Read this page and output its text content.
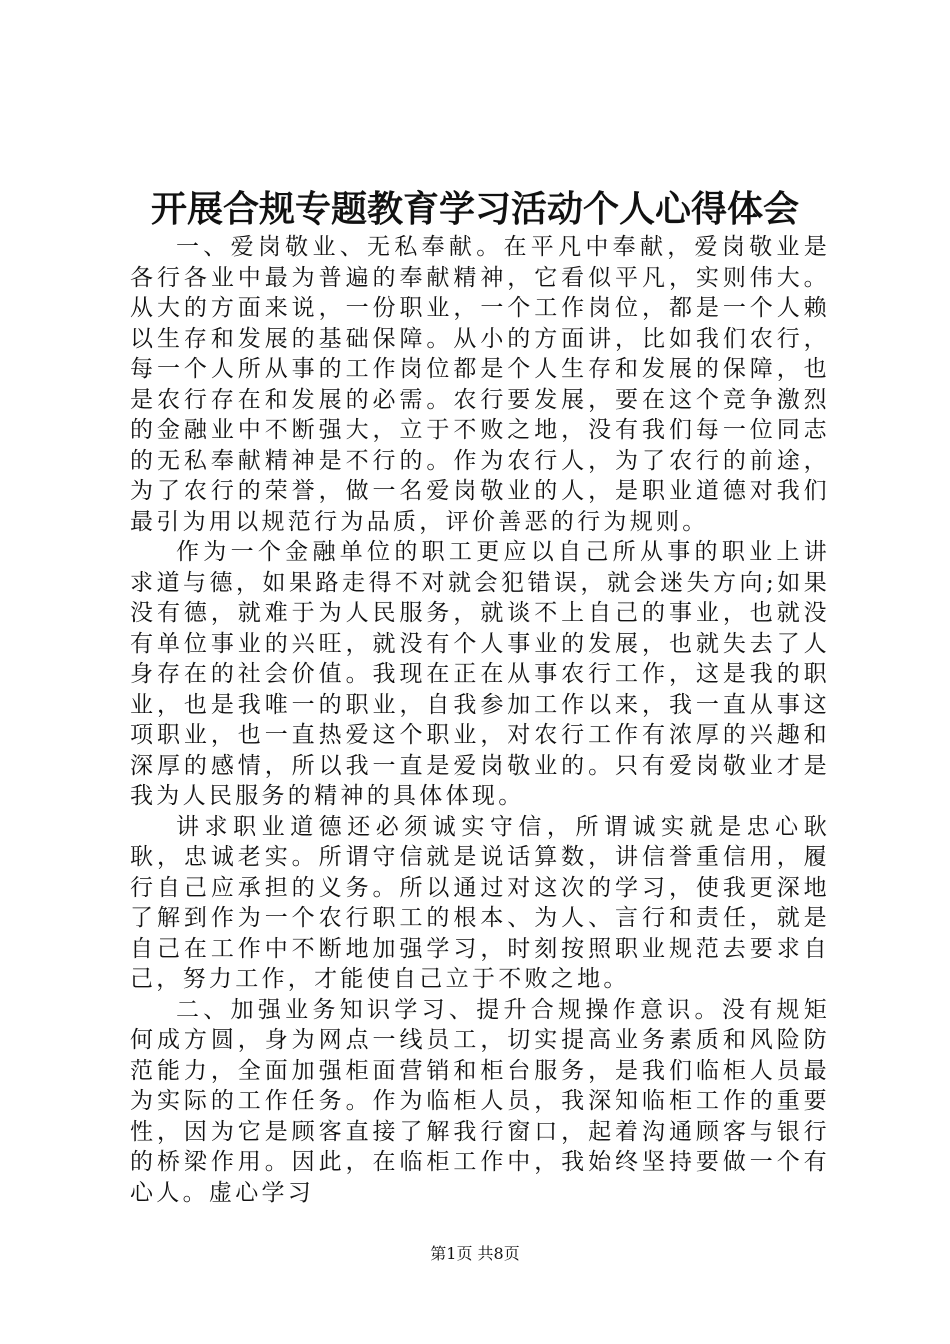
开展合规专题教育学习活动个人心得体会

一、爱岗敬业、无私奉献。在平凡中奉献，爱岗敬业是各行各业中最为普遍的奉献精神，它看似平凡，实则伟大。从大的方面来说，一份职业，一个工作岗位，都是一个人赖以生存和发展的基础保障。从小的方面讲，比如我们农行，每一个人所从事的工作岗位都是个人生存和发展的保障，也是农行存在和发展的必需。农行要发展，要在这个竞争激烈的金融业中不断强大，立于不败之地，没有我们每一位同志的无私奉献精神是不行的。作为农行人，为了农行的前途，为了农行的荣誉，做一名爱岗敬业的人，是职业道德对我们最引为用以规范行为品质，评价善恶的行为规则。

作为一个金融单位的职工更应以自己所从事的职业上讲求道与德，如果路走得不对就会犯错误，就会迷失方向;如果没有德，就难于为人民服务，就谈不上自己的事业，也就没有单位事业的兴旺，就没有个人事业的发展，也就失去了人身存在的社会价值。我现在正在从事农行工作，这是我的职业，也是我唯一的职业，自我参加工作以来，我一直从事这项职业，也一直热爱这个职业，对农行工作有浓厚的兴趣和深厚的感情，所以我一直是爱岗敬业的。只有爱岗敬业才是我为人民服务的精神的具体体现。

讲求职业道德还必须诚实守信，所谓诚实就是忠心耿耿，忠诚老实。所谓守信就是说话算数，讲信誉重信用，履行自己应承担的义务。所以通过对这次的学习，使我更深地了解到作为一个农行职工的根本、为人、言行和责任，就是自己在工作中不断地加强学习，时刻按照职业规范去要求自己，努力工作，才能使自己立于不败之地。

二、加强业务知识学习、提升合规操作意识。没有规矩何成方圆，身为网点一线员工，切实提高业务素质和风险防范能力，全面加强柜面营销和柜台服务，是我们临柜人员最为实际的工作任务。作为临柜人员，我深知临柜工作的重要性，因为它是顾客直接了解我行窗口，起着沟通顾客与银行的桥梁作用。因此，在临柜工作中，我始终坚持要做一个有心人。虚心学习

第1页 共8页
